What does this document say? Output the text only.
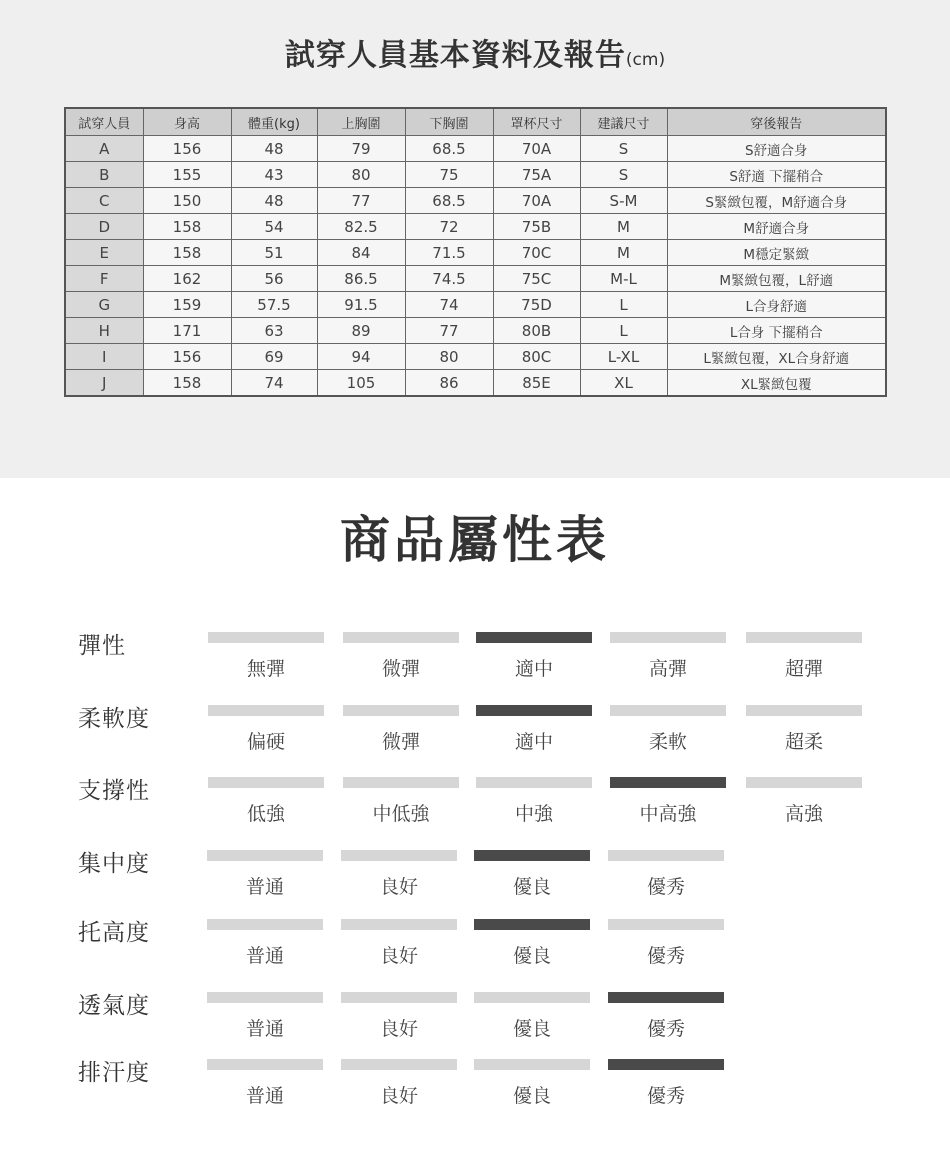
試穿人員基本資料及報告(cm)
試穿人員	身高	體重(kg)	上胸圍	下胸圍	罩杯尺寸	建議尺寸	穿後報告
A	156	48	79	68.5	70A	S	S舒適合身
B	155	43	80	75	75A	S	S舒適 下擺稍合
C	150	48	77	68.5	70A	S-M	S緊緻包覆，M舒適合身
D	158	54	82.5	72	75B	M	M舒適合身
E	158	51	84	71.5	70C	M	M穩定緊緻
F	162	56	86.5	74.5	75C	M-L	M緊緻包覆，L舒適
G	159	57.5	91.5	74	75D	L	L合身舒適
H	171	63	89	77	80B	L	L合身 下擺稍合
I	156	69	94	80	80C	L-XL	L緊緻包覆，XL合身舒適
J	158	74	105	86	85E	XL	XL緊緻包覆
商品屬性表
彈性
無彈	微彈	適中	高彈	超彈
柔軟度
偏硬	微彈	適中	柔軟	超柔
支撐性
低強	中低強	中強	中高強	高強
集中度
普通	良好	優良	優秀
托高度
普通	良好	優良	優秀
透氣度
普通	良好	優良	優秀
排汗度
普通	良好	優良	優秀
